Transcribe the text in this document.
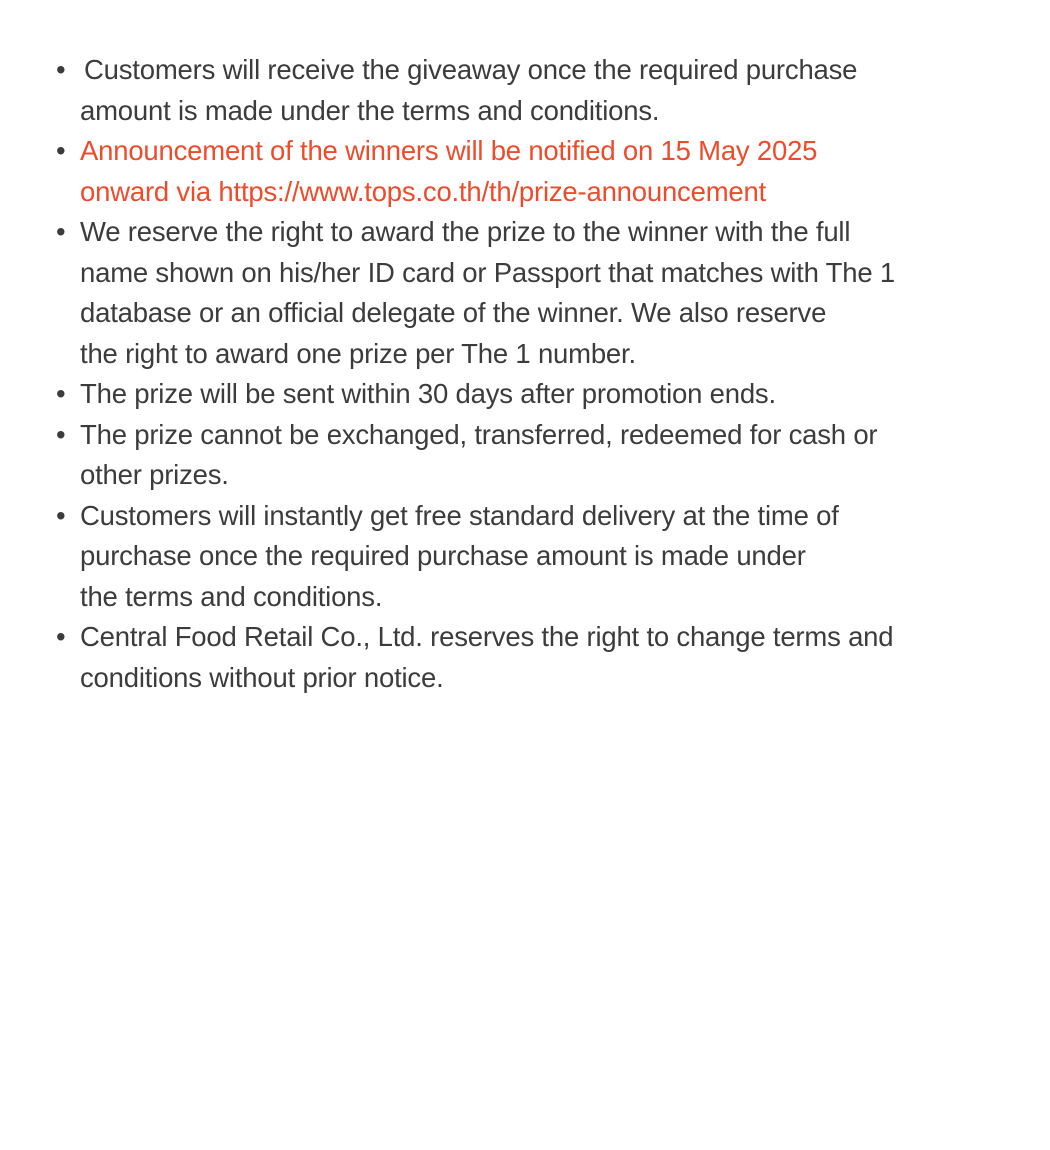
• Customers will receive the giveaway once the required purchase
amount is made under the terms and conditions.
• Announcement of the winners will be notified on 15 May 2025
onward via https://www.tops.co.th/th/prize-announcement
• We reserve the right to award the prize to the winner with the full
name shown on his/her ID card or Passport that matches with The 1
database or an official delegate of the winner. We also reserve
the right to award one prize per The 1 number.
• The prize will be sent within 30 days after promotion ends.
• The prize cannot be exchanged, transferred, redeemed for cash or
other prizes.
• Customers will instantly get free standard delivery at the time of
purchase once the required purchase amount is made under
the terms and conditions.
• Central Food Retail Co., Ltd. reserves the right to change terms and
conditions without prior notice.
